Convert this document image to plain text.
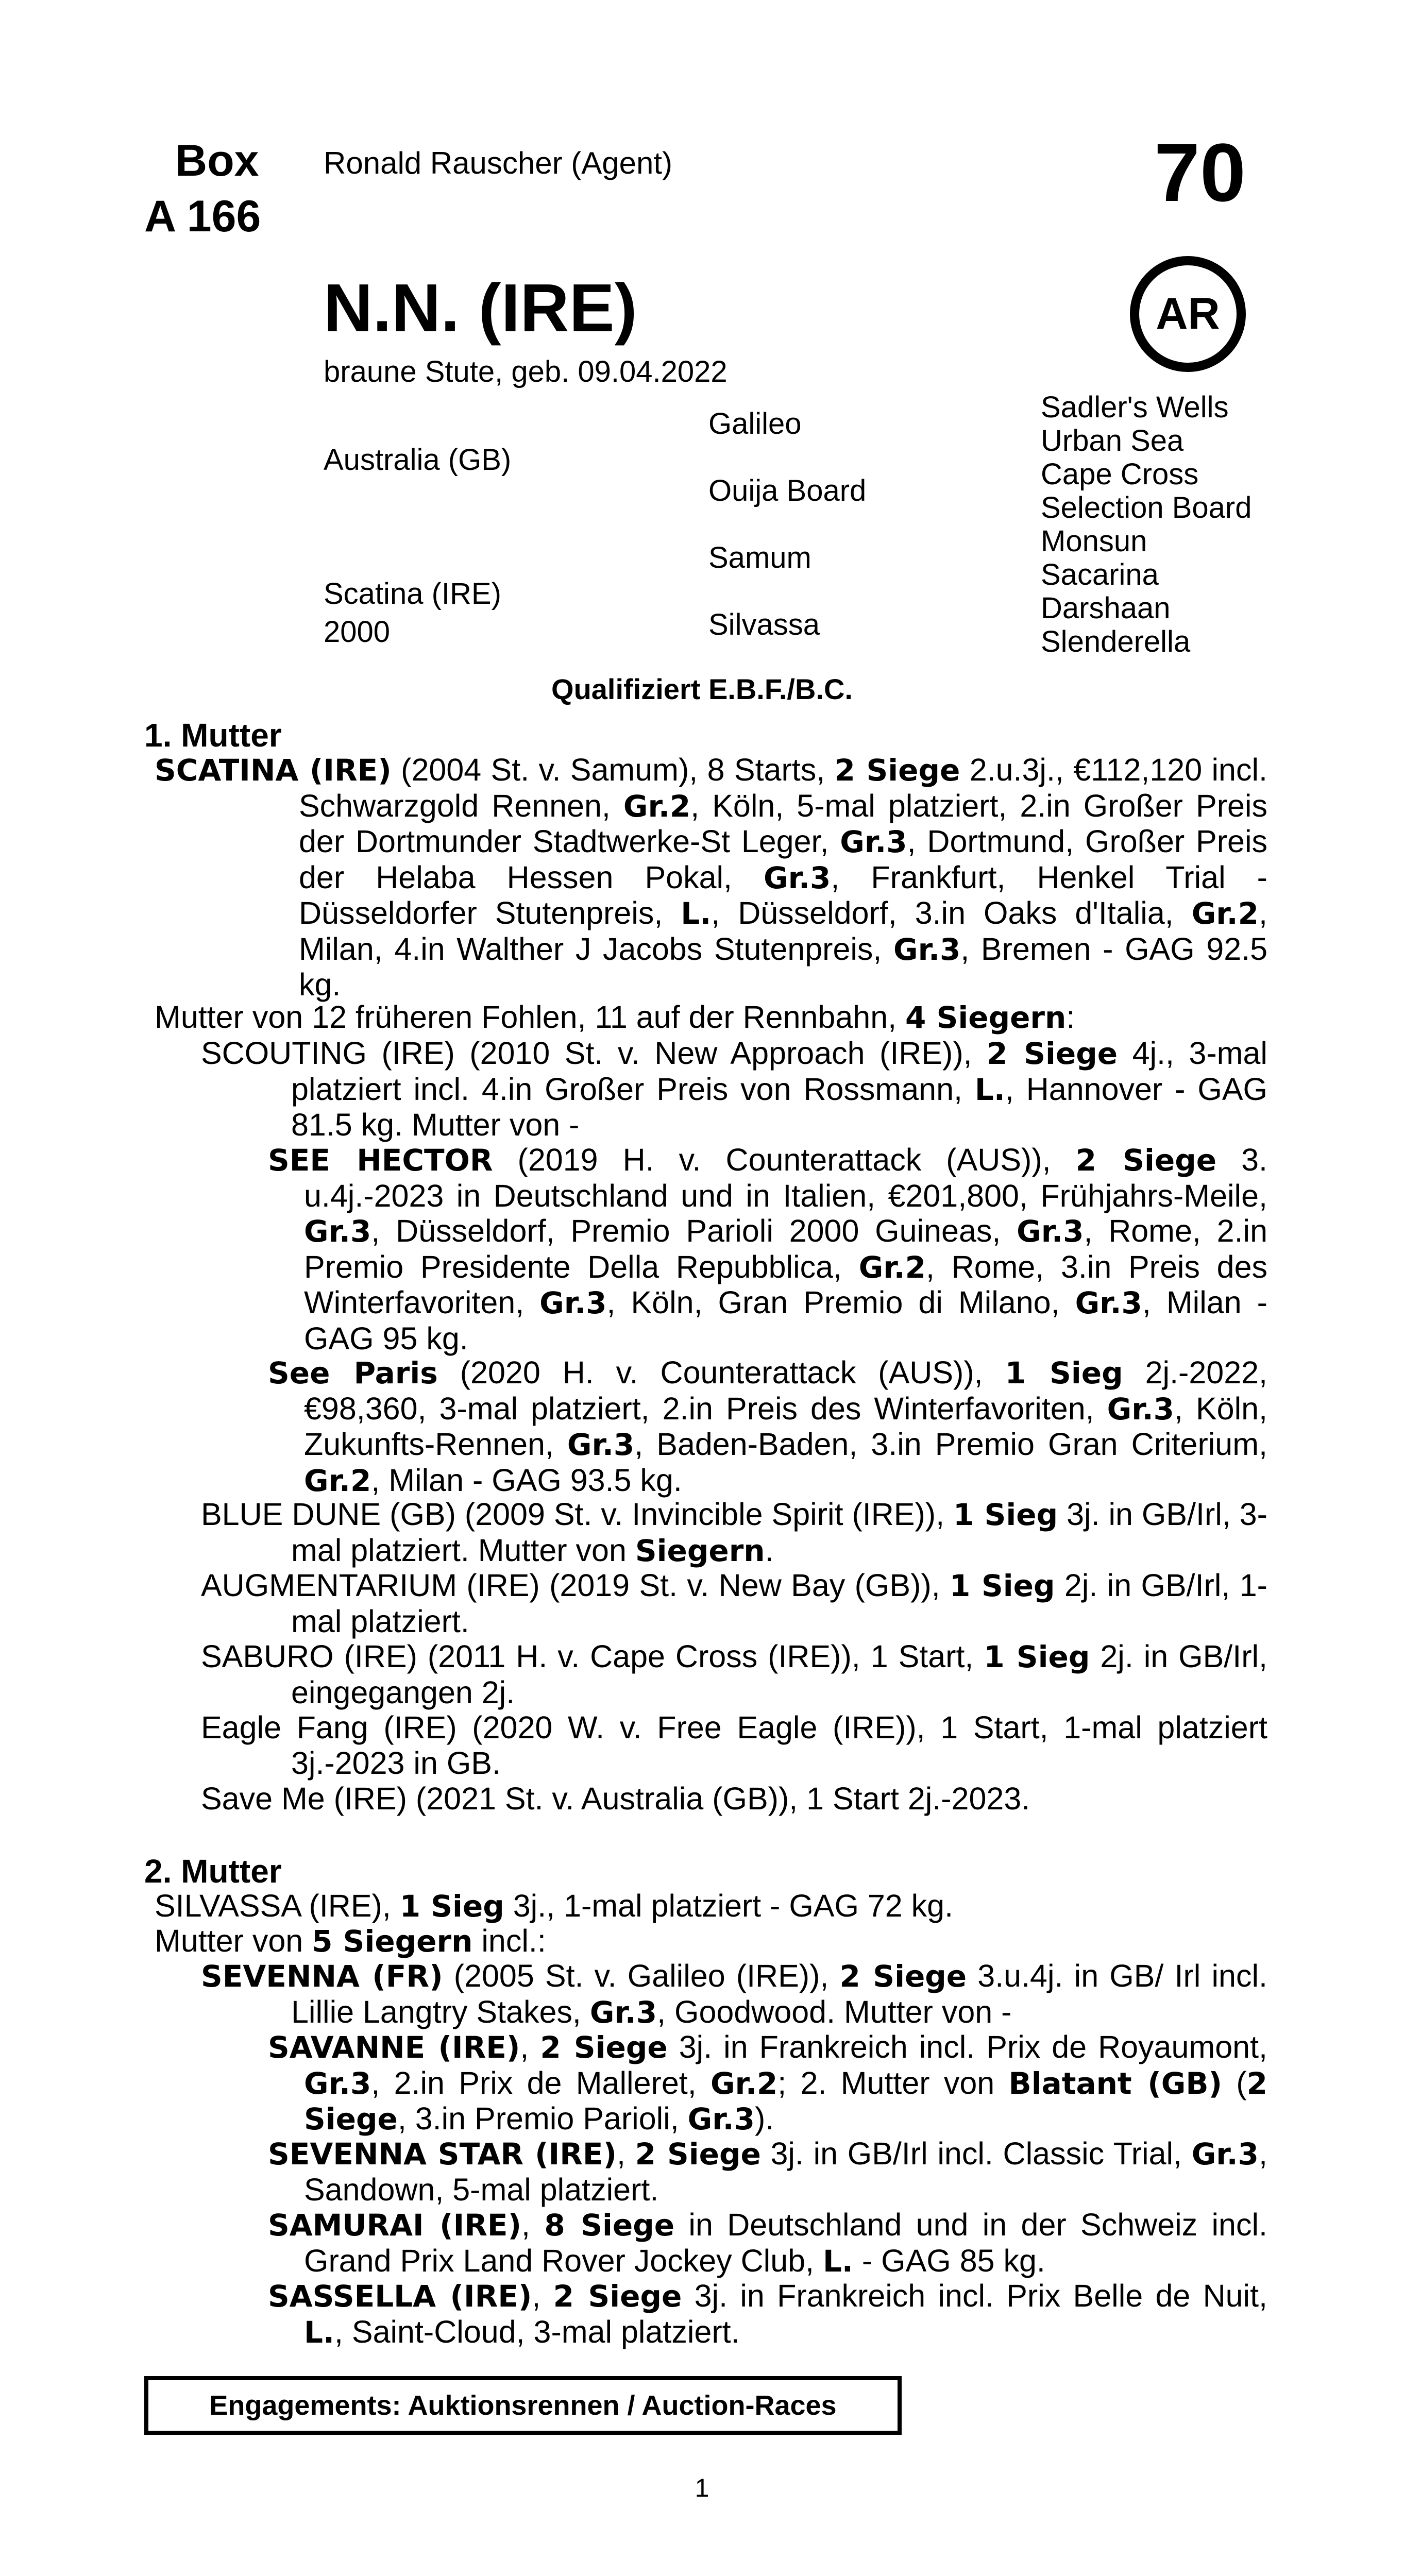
Box
A 166
Ronald Rauscher (Agent)	70
AR
N.N. (IRE)
braune Stute, geb. 09.04.2022
Australia (GB)
Scatina (IRE)
2000
Galileo
Ouija Board
Samum
Silvassa
Sadler's Wells
Urban Sea
Cape Cross
Selection Board
Monsun
Sacarina
Darshaan
Slenderella
Qualifiziert E.B.F./B.C.
1. Mutter
SCATINA (IRE) (2004 St. v. Samum), 8 Starts, 2 Siege 2.u.3j., €112,120 incl. Schwarzgold Rennen, Gr.2, Köln, 5-mal platziert, 2.in Großer Preis der Dortmunder Stadtwerke-St Leger, Gr.3, Dortmund, Großer Preis der Helaba Hessen Pokal, Gr.3, Frankfurt, Henkel Trial - Düsseldorfer Stutenpreis, L., Düsseldorf, 3.in Oaks d'Italia, Gr.2, Milan, 4.in Walther J Jacobs Stutenpreis, Gr.3, Bremen - GAG 92.5 kg.
Mutter von 12 früheren Fohlen, 11 auf der Rennbahn, 4 Siegern:
SCOUTING (IRE) (2010 St. v. New Approach (IRE)), 2 Siege 4j., 3-mal platziert incl. 4.in Großer Preis von Rossmann, L., Hannover - GAG 81.5 kg. Mutter von -
SEE HECTOR (2019 H. v. Counterattack (AUS)), 2 Siege 3. u.4j.-2023 in Deutschland und in Italien, €201,800, Frühjahrs-Meile, Gr.3, Düsseldorf, Premio Parioli 2000 Guineas, Gr.3, Rome, 2.in Premio Presidente Della Repubblica, Gr.2, Rome, 3.in Preis des Winterfavoriten, Gr.3, Köln, Gran Premio di Milano, Gr.3, Milan - GAG 95 kg.
See Paris (2020 H. v. Counterattack (AUS)), 1 Sieg 2j.-2022, €98,360, 3-mal platziert, 2.in Preis des Winterfavoriten, Gr.3, Köln, Zukunfts-Rennen, Gr.3, Baden-Baden, 3.in Premio Gran Criterium, Gr.2, Milan - GAG 93.5 kg.
BLUE DUNE (GB) (2009 St. v. Invincible Spirit (IRE)), 1 Sieg 3j. in GB/Irl, 3-mal platziert. Mutter von Siegern.
AUGMENTARIUM (IRE) (2019 St. v. New Bay (GB)), 1 Sieg 2j. in GB/Irl, 1-mal platziert.
SABURO (IRE) (2011 H. v. Cape Cross (IRE)), 1 Start, 1 Sieg 2j. in GB/Irl, eingegangen 2j.
Eagle Fang (IRE) (2020 W. v. Free Eagle (IRE)), 1 Start, 1-mal platziert 3j.-2023 in GB.
Save Me (IRE) (2021 St. v. Australia (GB)), 1 Start 2j.-2023.
2. Mutter
SILVASSA (IRE), 1 Sieg 3j., 1-mal platziert - GAG 72 kg.
Mutter von 5 Siegern incl.:
SEVENNA (FR) (2005 St. v. Galileo (IRE)), 2 Siege 3.u.4j. in GB/ Irl incl. Lillie Langtry Stakes, Gr.3, Goodwood. Mutter von -
SAVANNE (IRE), 2 Siege 3j. in Frankreich incl. Prix de Royaumont, Gr.3, 2.in Prix de Malleret, Gr.2; 2. Mutter von Blatant (GB) (2 Siege, 3.in Premio Parioli, Gr.3).
SEVENNA STAR (IRE), 2 Siege 3j. in GB/Irl incl. Classic Trial, Gr.3, Sandown, 5-mal platziert.
SAMURAI (IRE), 8 Siege in Deutschland und in der Schweiz incl. Grand Prix Land Rover Jockey Club, L. - GAG 85 kg.
SASSELLA (IRE), 2 Siege 3j. in Frankreich incl. Prix Belle de Nuit, L., Saint-Cloud, 3-mal platziert.
Engagements: Auktionsrennen / Auction-Races
1
